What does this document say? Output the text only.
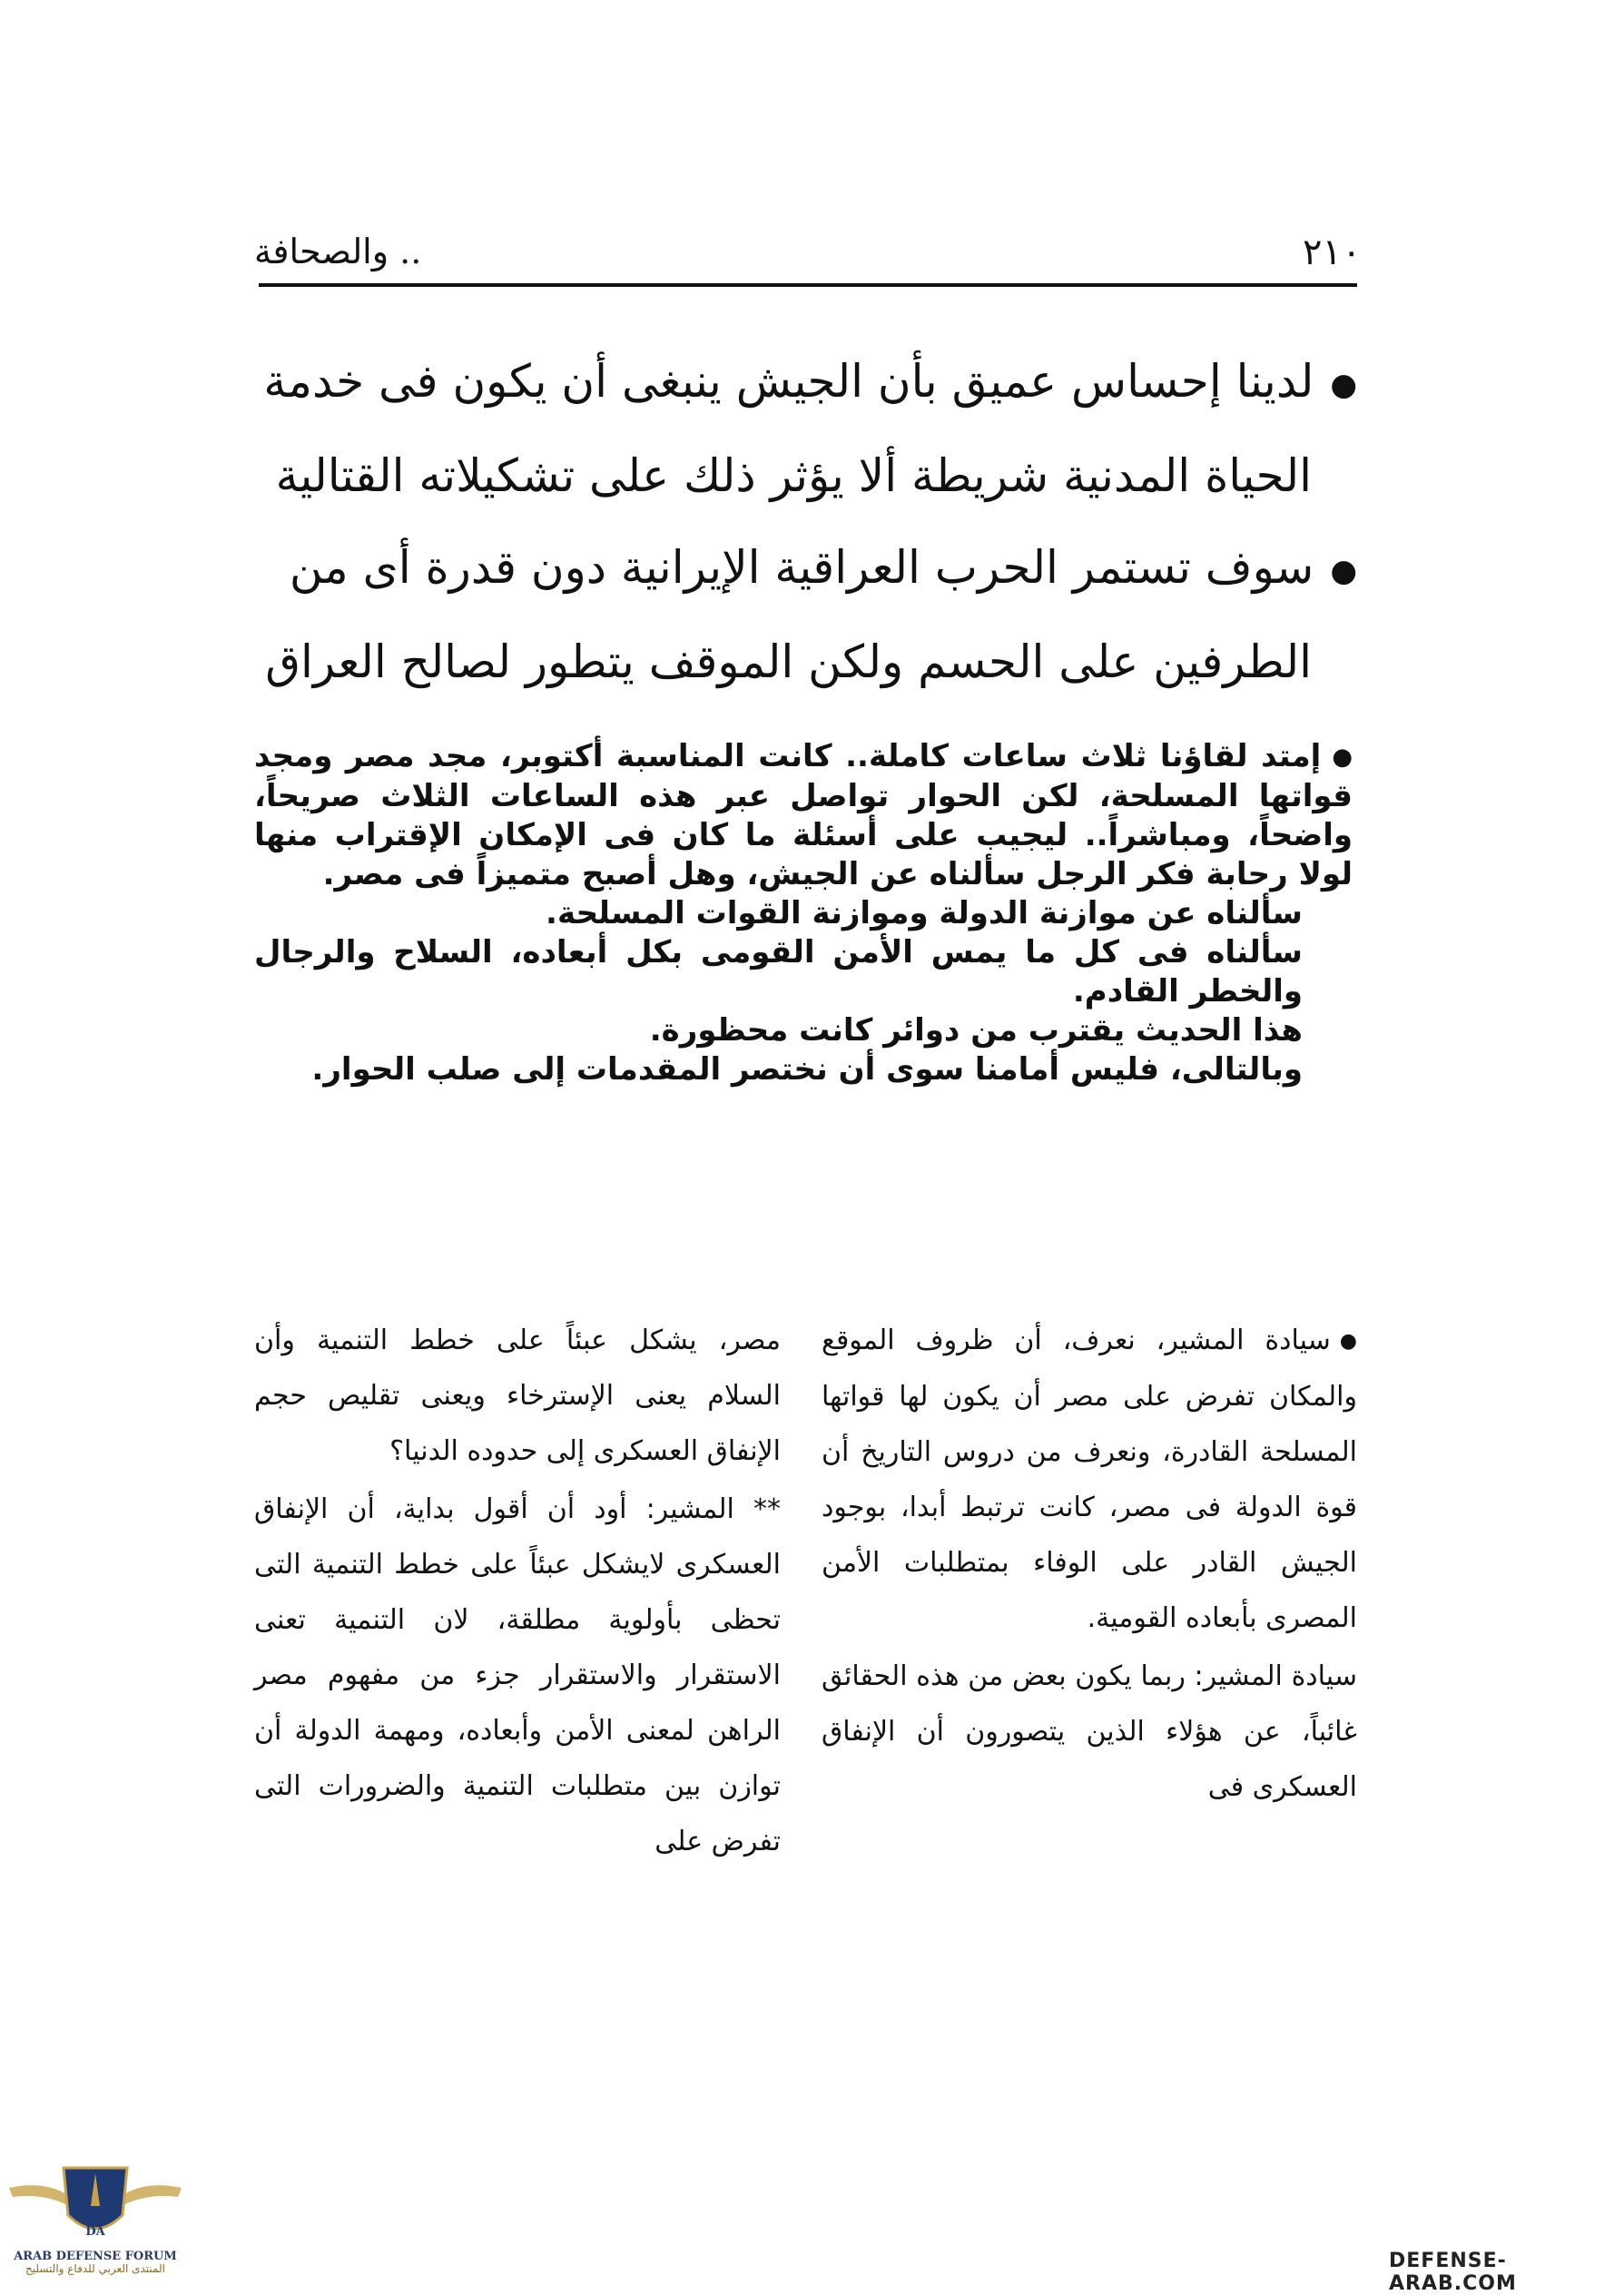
٢١٠
.. والصحافة
●لدينا إحساس عميق بأن الجيش ينبغى أن يكون فى خدمة
الحياة المدنية شريطة ألا يؤثر ذلك على تشكيلاته القتالية
●سوف تستمر الحرب العراقية الإيرانية دون قدرة أى من
الطرفين على الحسم ولكن الموقف يتطور لصالح العراق
●إمتد لقاؤنا ثلاث ساعات كاملة.. كانت المناسبة أكتوبر، مجد مصر ومجد قواتها المسلحة، لكن الحوار تواصل عبر هذه الساعات الثلاث صريحاً، واضحاً، ومباشراً.. ليجيب على أسئلة ما كان فى الإمكان الإقتراب منها لولا رحابة فكر الرجل سألناه عن الجيش، وهل أصبح متميزاً فى مصر.
سألناه عن موازنة الدولة وموازنة القوات المسلحة.
سألناه فى كل ما يمس الأمن القومى بكل أبعاده، السلاح والرجال والخطر القادم.
هذا الحديث يقترب من دوائر كانت محظورة.
وبالتالى، فليس أمامنا سوى أن نختصر المقدمات إلى صلب الحوار.
●سيادة المشير، نعرف، أن ظروف الموقع والمكان تفرض على مصر أن يكون لها قواتها المسلحة القادرة، ونعرف من دروس التاريخ أن قوة الدولة فى مصر، كانت ترتبط أبدا، بوجود الجيش القادر على الوفاء بمتطلبات الأمن المصرى بأبعاده القومية.
سيادة المشير: ربما يكون بعض من هذه الحقائق غائباً، عن هؤلاء الذين يتصورون أن الإنفاق العسكرى فى
مصر، يشكل عبئاً على خطط التنمية وأن السلام يعنى الإسترخاء ويعنى تقليص حجم الإنفاق العسكرى إلى حدوده الدنيا؟
** المشير: أود أن أقول بداية، أن الإنفاق العسكرى لايشكل عبئاً على خطط التنمية التى تحظى بأولوية مطلقة، لان التنمية تعنى الاستقرار والاستقرار جزء من مفهوم مصر الراهن لمعنى الأمن وأبعاده، ومهمة الدولة أن توازن بين متطلبات التنمية والضرورات التى تفرض على
DA
ARAB DEFENSE FORUM
المنتدى العربي للدفاع والتسليح	DEFENSE-ARAB.COM
